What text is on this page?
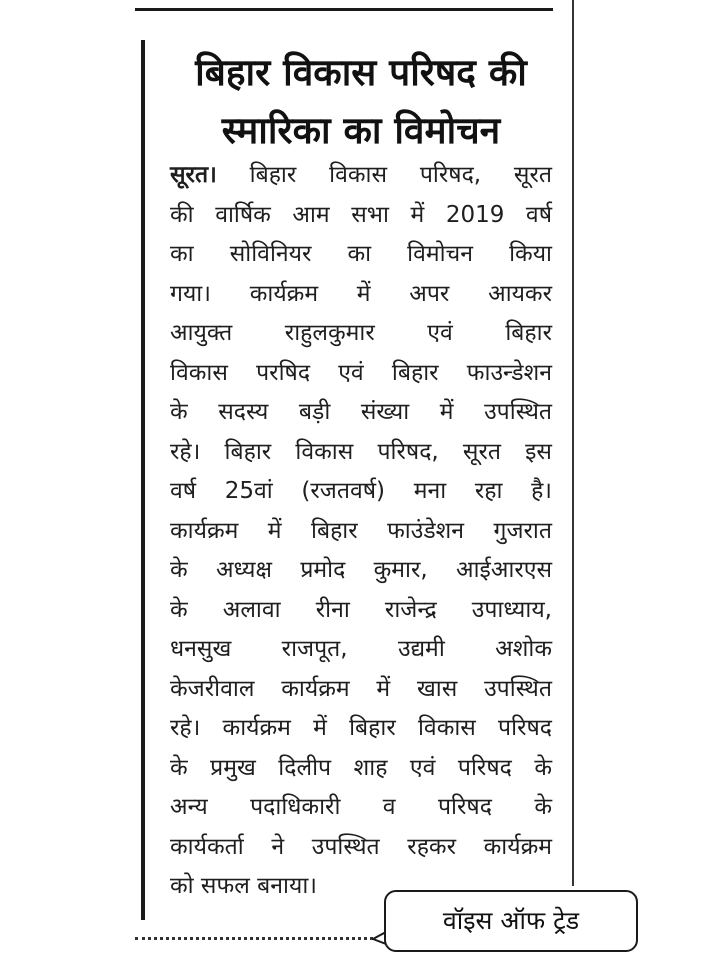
बिहार विकास परिषद की
स्मारिका का विमोचन
सूरत। बिहार विकास परिषद, सूरत
की वार्षिक आम सभा में 2019 वर्ष
का सोविनियर का विमोचन किया
गया। कार्यक्रम में अपर आयकर
आयुक्त राहुलकुमार एवं बिहार
विकास परषिद एवं बिहार फाउन्डेशन
के सदस्य बड़ी संख्या में उपस्थित
रहे। बिहार विकास परिषद, सूरत इस
वर्ष 25वां (रजतवर्ष) मना रहा है।
कार्यक्रम में बिहार फाउंडेशन गुजरात
के अध्यक्ष प्रमोद कुमार, आईआरएस
के अलावा रीना राजेन्द्र उपाध्याय,
धनसुख राजपूत, उद्यमी अशोक
केजरीवाल कार्यक्रम में खास उपस्थित
रहे। कार्यक्रम में बिहार विकास परिषद
के प्रमुख दिलीप शाह एवं परिषद के
अन्य पदाधिकारी व परिषद के
कार्यकर्ता ने उपस्थित रहकर कार्यक्रम
को सफल बनाया।
वॉइस ऑफ ट्रेड
